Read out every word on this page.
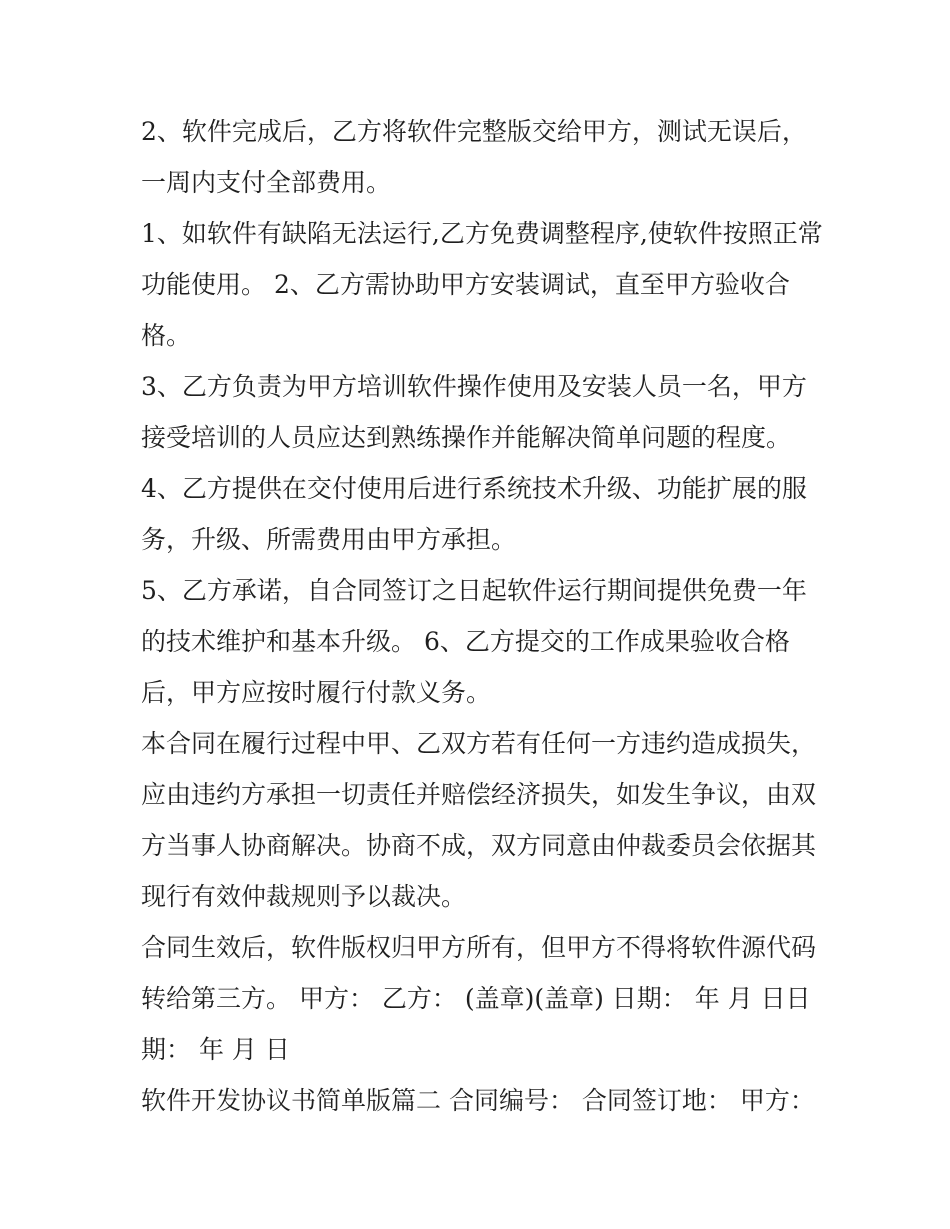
2、软件完成后，乙方将软件完整版交给甲方，测试无误后，
一周内支付全部费用。
1、如软件有缺陷无法运行,乙方免费调整程序,使软件按照正常
功能使用。 2、乙方需协助甲方安装调试，直至甲方验收合
格。
3、乙方负责为甲方培训软件操作使用及安装人员一名，甲方
接受培训的人员应达到熟练操作并能解决简单问题的程度。
4、乙方提供在交付使用后进行系统技术升级、功能扩展的服
务，升级、所需费用由甲方承担。
5、乙方承诺，自合同签订之日起软件运行期间提供免费一年
的技术维护和基本升级。 6、乙方提交的工作成果验收合格
后，甲方应按时履行付款义务。
本合同在履行过程中甲、乙双方若有任何一方违约造成损失，
应由违约方承担一切责任并赔偿经济损失，如发生争议，由双
方当事人协商解决。协商不成，双方同意由仲裁委员会依据其
现行有效仲裁规则予以裁决。
合同生效后，软件版权归甲方所有，但甲方不得将软件源代码
转给第三方。 甲方： 乙方： (盖章)(盖章) 日期： 年 月 日日
期： 年 月 日
软件开发协议书简单版篇二 合同编号： 合同签订地： 甲方：
